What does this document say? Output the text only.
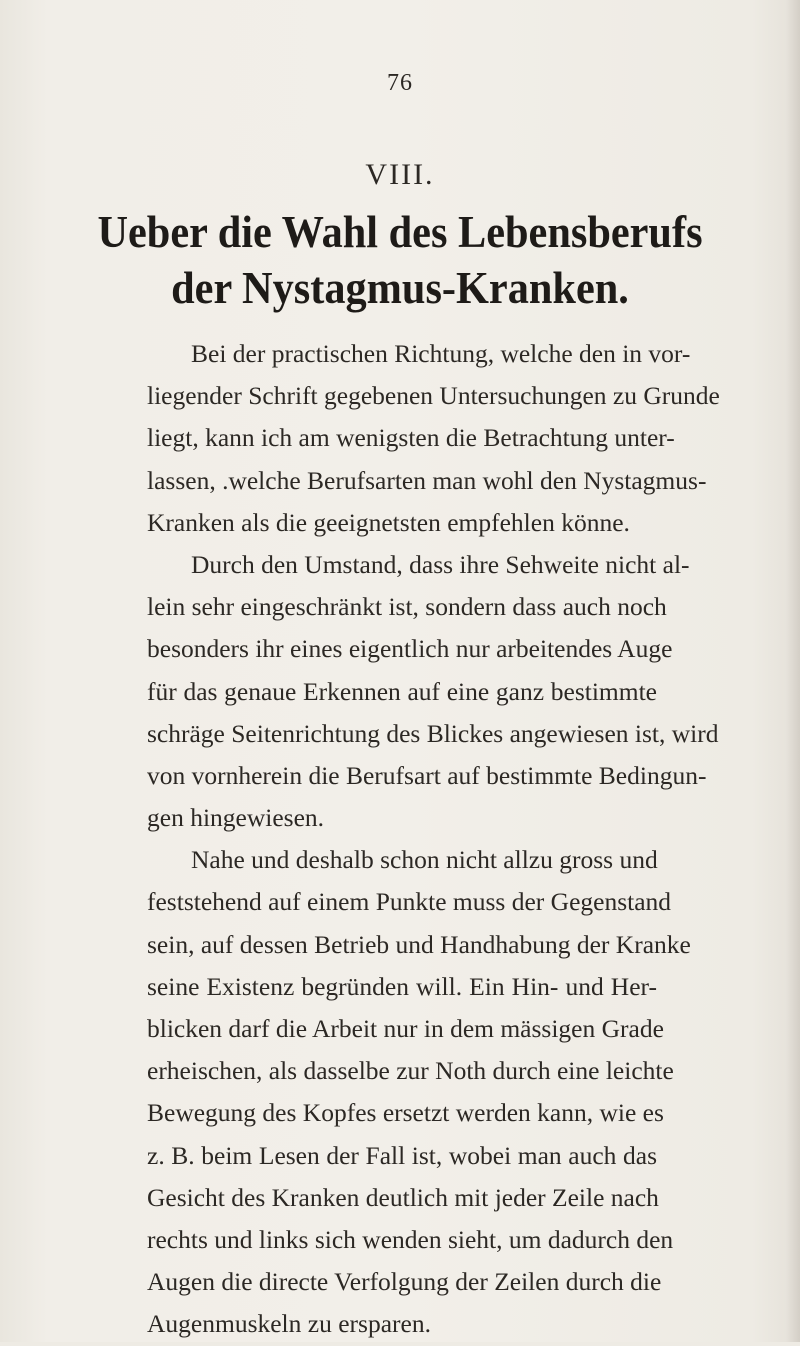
76
VIII.
Ueber die Wahl des Lebensberufs
der Nystagmus-Kranken.
Bei der practischen Richtung, welche den in vor-
liegender Schrift gegebenen Untersuchungen zu Grunde
liegt, kann ich am wenigsten die Betrachtung unter-
lassen, .welche Berufsarten man wohl den Nystagmus-
Kranken als die geeignetsten empfehlen könne.
Durch den Umstand, dass ihre Sehweite nicht al-
lein sehr eingeschränkt ist, sondern dass auch noch
besonders ihr eines eigentlich nur arbeitendes Auge
für das genaue Erkennen auf eine ganz bestimmte
schräge Seitenrichtung des Blickes angewiesen ist, wird
von vornherein die Berufsart auf bestimmte Bedingun-
gen hingewiesen.
Nahe und deshalb schon nicht allzu gross und
feststehend auf einem Punkte muss der Gegenstand
sein, auf dessen Betrieb und Handhabung der Kranke
seine Existenz begründen will. Ein Hin- und Her-
blicken darf die Arbeit nur in dem mässigen Grade
erheischen, als dasselbe zur Noth durch eine leichte
Bewegung des Kopfes ersetzt werden kann, wie es
z. B. beim Lesen der Fall ist, wobei man auch das
Gesicht des Kranken deutlich mit jeder Zeile nach
rechts und links sich wenden sieht, um dadurch den
Augen die directe Verfolgung der Zeilen durch die
Augenmuskeln zu ersparen.
